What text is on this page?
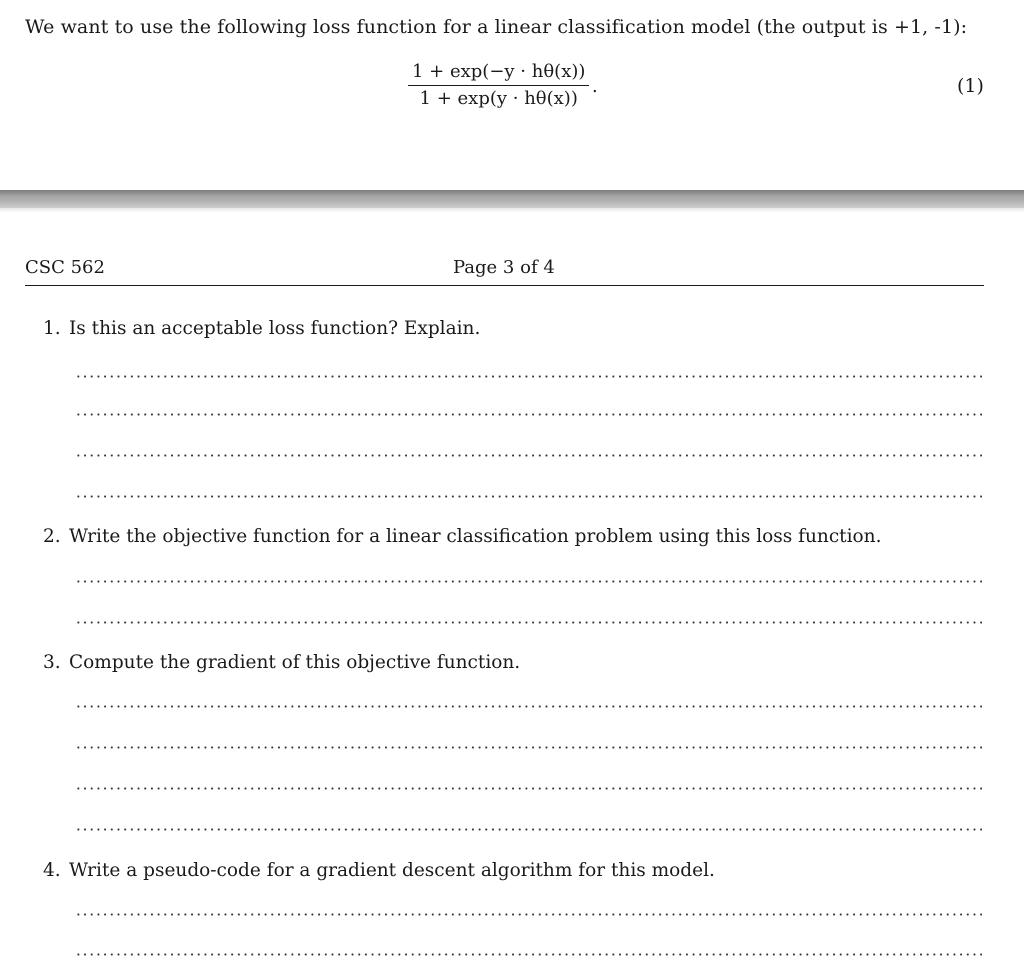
We want to use the following loss function for a linear classification model (the output is +1, -1):
$\frac{1 + \exp(-y \cdot h\theta(x))}{1 + \exp(y \cdot h\theta(x))}$ .	(1)
CSC 562	Page 3 of 4
1. Is this an acceptable loss function? Explain.
2. Write the objective function for a linear classification problem using this loss function.
3. Compute the gradient of this objective function.
4. Write a pseudo-code for a gradient descent algorithm for this model.
